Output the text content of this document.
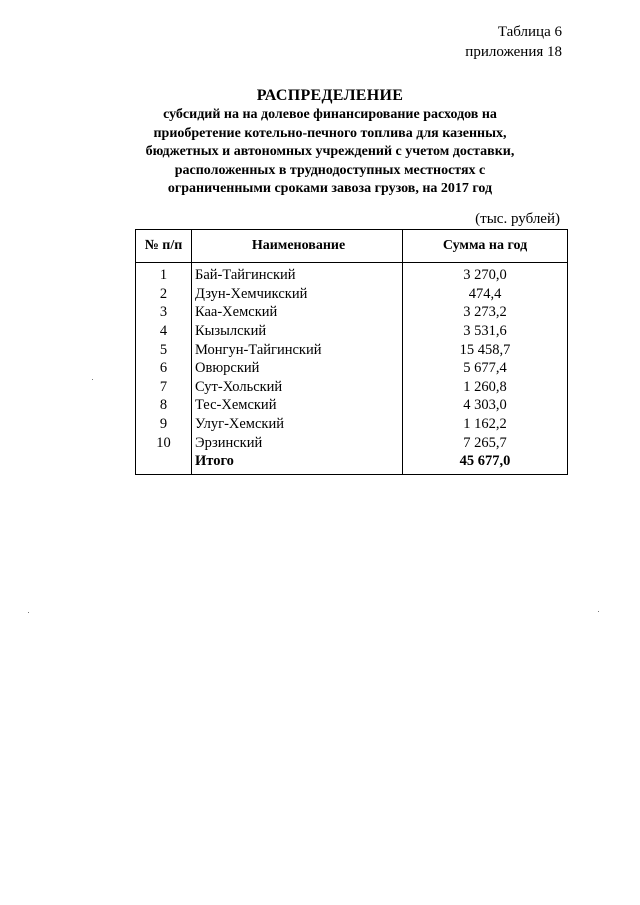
Таблица 6
приложения 18
РАСПРЕДЕЛЕНИЕ
субсидий на на долевое финансирование расходов на
приобретение котельно-печного топлива для казенных,
бюджетных и автономных учреждений с учетом доставки,
расположенных в труднодоступных местностях с
ограниченными сроками завоза грузов, на 2017 год
(тыс. рублей)
№ п/п	Наименование	Сумма на год
1	Бай-Тайгинский	3 270,0
2	Дзун-Хемчикский	474,4
3	Каа-Хемский	3 273,2
4	Кызылский	3 531,6
5	Монгун-Тайгинский	15 458,7
6	Овюрский	5 677,4
7	Сут-Хольский	1 260,8
8	Тес-Хемский	4 303,0
9	Улуг-Хемский	1 162,2
10	Эрзинский	7 265,7
	Итого	45 677,0
